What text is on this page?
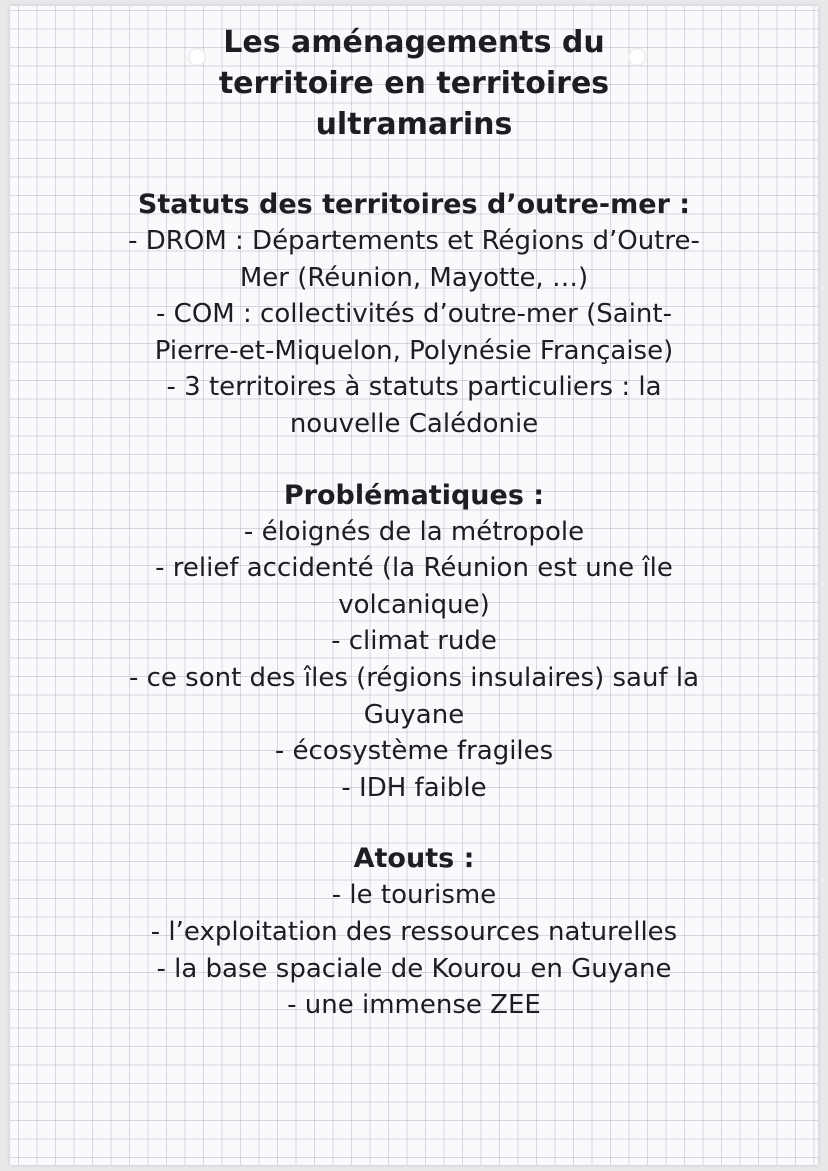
Les aménagements du
territoire en territoires
ultramarins

Statuts des territoires d’outre-mer :

- DROM : Départements et Régions d’Outre-

Mer (Réunion, Mayotte, …)

- COM : collectivités d’outre-mer (Saint-

Pierre-et-Miquelon, Polynésie Française)

- 3 territoires à statuts particuliers : la

nouvelle Calédonie

Problématiques :

- éloignés de la métropole

- relief accidenté (la Réunion est une île

volcanique)

- climat rude

- ce sont des îles (régions insulaires) sauf la

Guyane

- écosystème fragiles

- IDH faible

Atouts :

- le tourisme

- l’exploitation des ressources naturelles

- la base spaciale de Kourou en Guyane

- une immense ZEE
